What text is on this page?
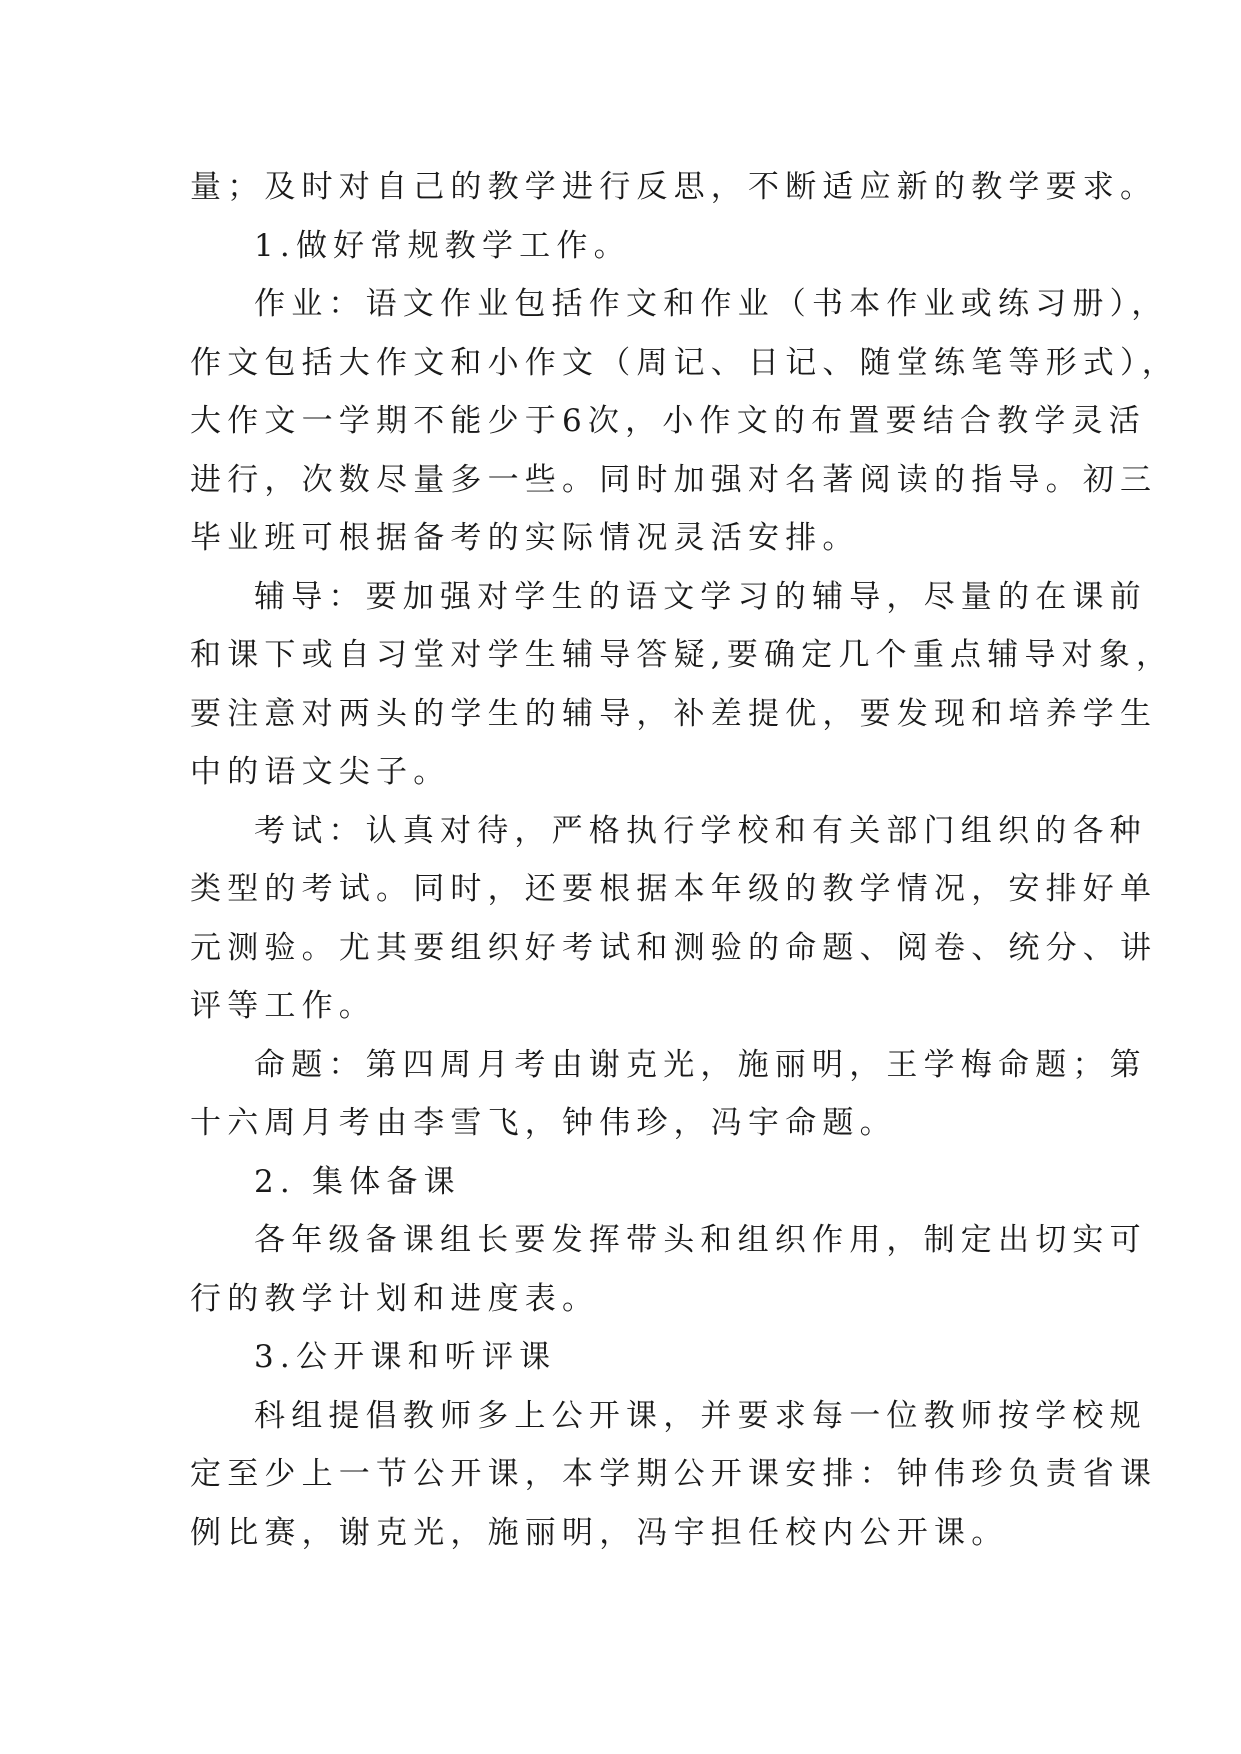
量；及时对自己的教学进行反思，不断适应新的教学要求。
1.做好常规教学工作。
作业：语文作业包括作文和作业（书本作业或练习册），
作文包括大作文和小作文（周记、日记、随堂练笔等形式），
大作文一学期不能少于6次，小作文的布置要结合教学灵活
进行，次数尽量多一些。同时加强对名著阅读的指导。初三
毕业班可根据备考的实际情况灵活安排。
辅导：要加强对学生的语文学习的辅导，尽量的在课前
和课下或自习堂对学生辅导答疑,要确定几个重点辅导对象，
要注意对两头的学生的辅导，补差提优，要发现和培养学生
中的语文尖子。
考试：认真对待，严格执行学校和有关部门组织的各种
类型的考试。同时，还要根据本年级的教学情况，安排好单
元测验。尤其要组织好考试和测验的命题、阅卷、统分、讲
评等工作。
命题：第四周月考由谢克光，施丽明，王学梅命题；第
十六周月考由李雪飞，钟伟珍，冯宇命题。
2. 集体备课
各年级备课组长要发挥带头和组织作用，制定出切实可
行的教学计划和进度表。
3.公开课和听评课
科组提倡教师多上公开课，并要求每一位教师按学校规
定至少上一节公开课，本学期公开课安排：钟伟珍负责省课
例比赛，谢克光，施丽明，冯宇担任校内公开课。
